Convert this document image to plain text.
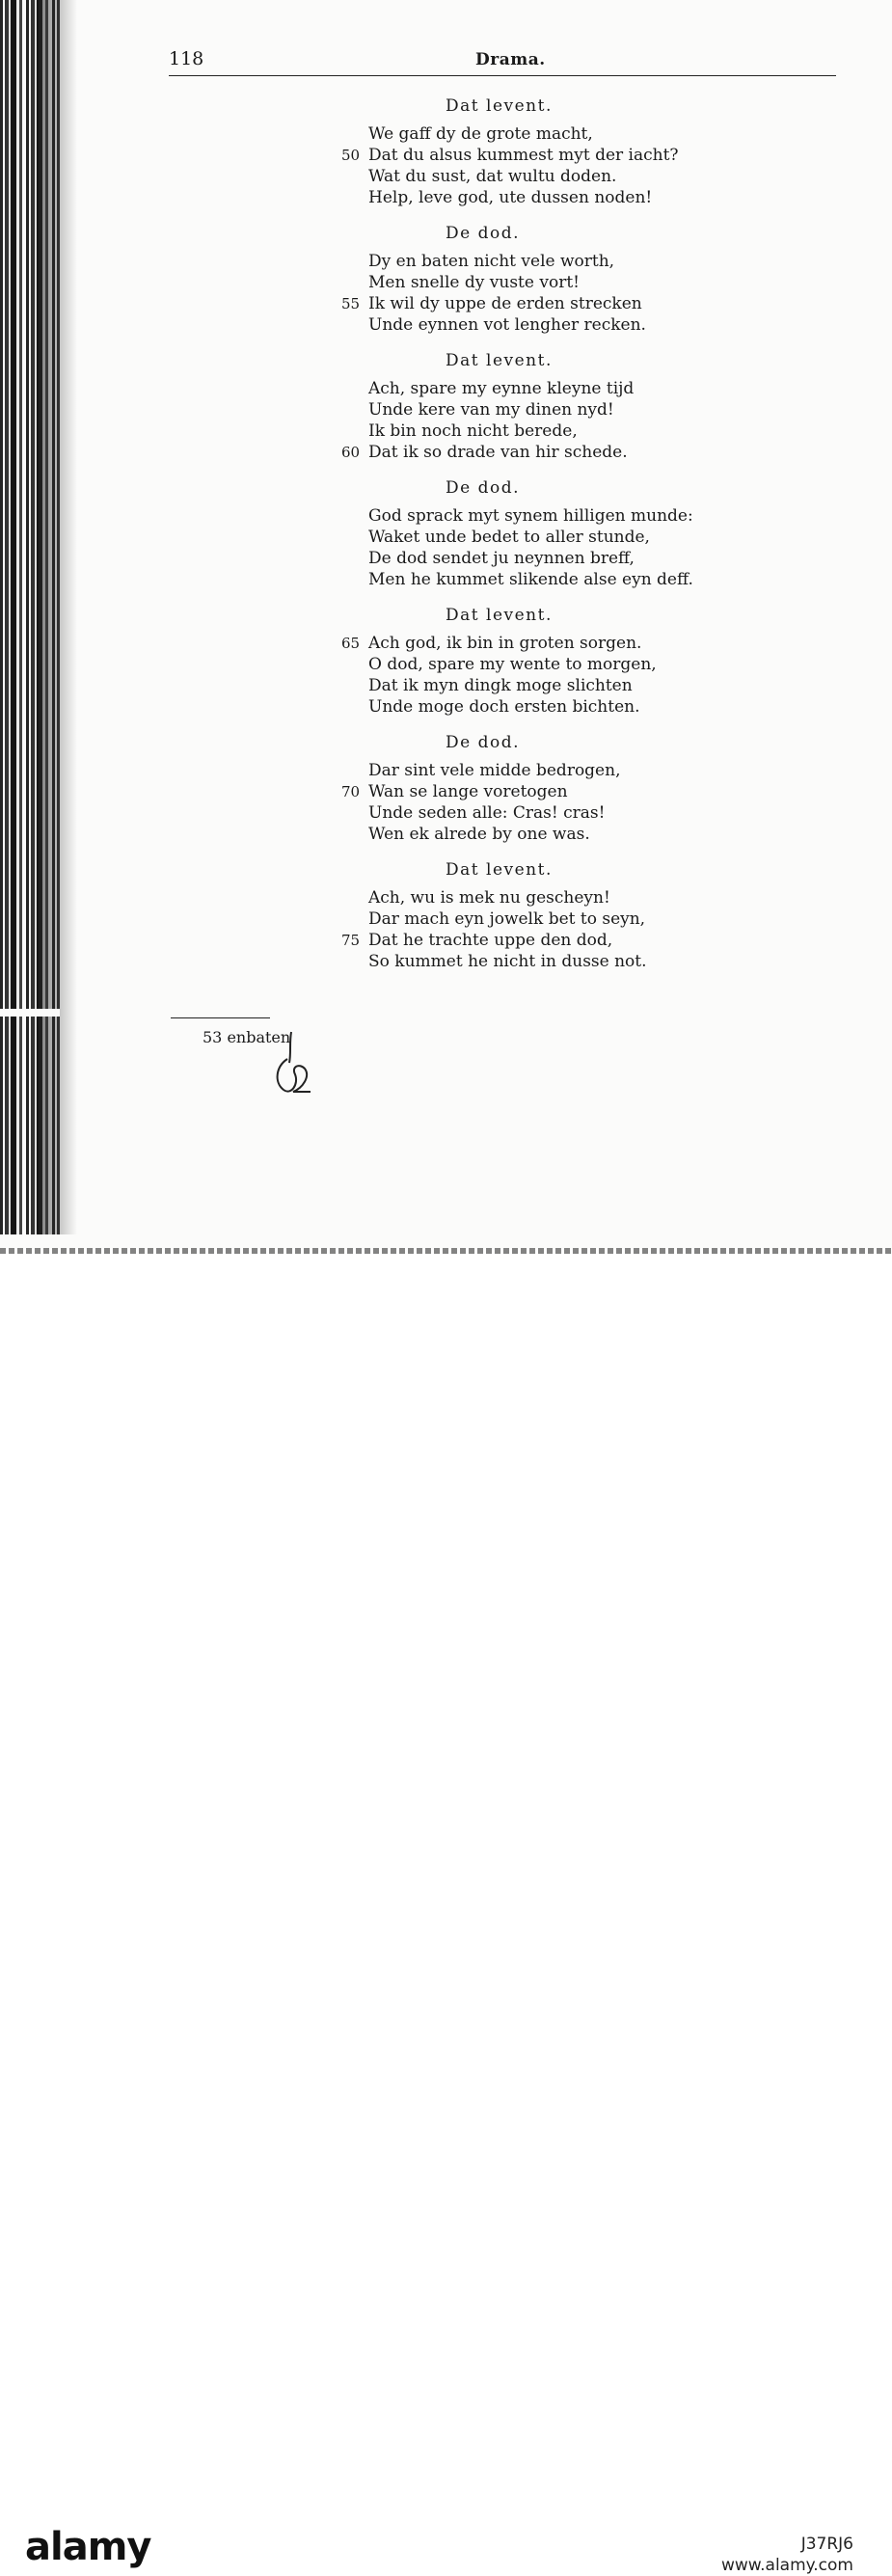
118	Drama.
Dat levent.
We gaff dy de grote macht,
50 Dat du alsus kummest myt der iacht?
Wat du sust, dat wultu doden.
Help, leve god, ute dussen noden!
De dod.
Dy en baten nicht vele worth,
Men snelle dy vuste vort!
55 Ik wil dy uppe de erden strecken
Unde eynnen vot lengher recken.
Dat levent.
Ach, spare my eynne kleyne tijd
Unde kere van my dinen nyd!
Ik bin noch nicht berede,
60 Dat ik so drade van hir schede.
De dod.
God sprack myt synem hilligen munde:
Waket unde bedet to aller stunde,
De dod sendet ju neynnen breff,
Men he kummet slikende alse eyn deff.
Dat levent.
65 Ach god, ik bin in groten sorgen.
O dod, spare my wente to morgen,
Dat ik myn dingk moge slichten
Unde moge doch ersten bichten.
De dod.
Dar sint vele midde bedrogen,
70 Wan se lange voretogen
Unde seden alle: Cras! cras!
Wen ek alrede by one was.
Dat levent.
Ach, wu is mek nu gescheyn!
Dar mach eyn jowelk bet to seyn,
75 Dat he trachte uppe den dod,
So kummet he nicht in dusse not.
53 enbaten
alamy	J37RJ6
www.alamy.com
